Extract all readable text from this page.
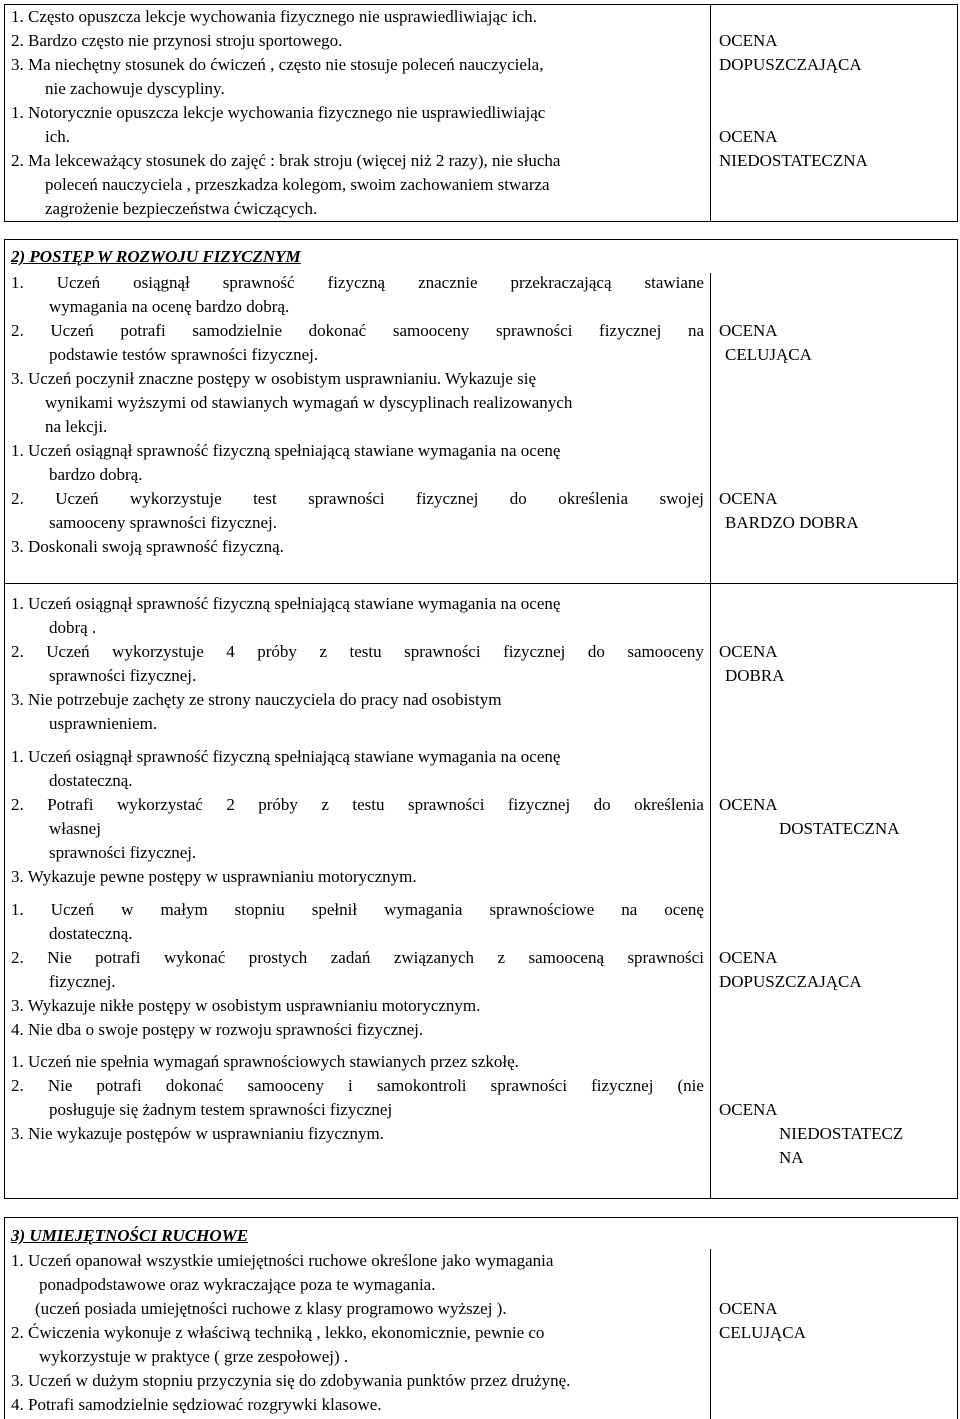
1. Często opuszcza lekcje wychowania fizycznego nie usprawiedliwiając ich.
2. Bardzo często nie przynosi stroju sportowego.
3. Ma niechętny stosunek do ćwiczeń , często nie stosuje poleceń nauczyciela,
nie zachowuje dyscypliny.
1. Notorycznie opuszcza lekcje wychowania fizycznego nie usprawiedliwiając
ich.
2. Ma lekceważący stosunek do zajęć : brak stroju (więcej niż 2 razy), nie słucha
poleceń nauczyciela , przeszkadza kolegom, swoim zachowaniem stwarza
zagrożenie bezpieczeństwa ćwiczących.
OCENA
DOPUSZCZAJĄCA
OCENA
NIEDOSTATECZNA
2) POSTĘP W ROZWOJU FIZYCZNYM
1. Uczeń osiągnął sprawność fizyczną znacznie przekraczającą stawiane
wymagania na ocenę bardzo dobrą.
2. Uczeń potrafi samodzielnie dokonać samooceny sprawności fizycznej na
podstawie testów sprawności fizycznej.
3. Uczeń poczynił znaczne postępy w osobistym usprawnianiu. Wykazuje się
wynikami wyższymi od stawianych wymagań w dyscyplinach realizowanych
na lekcji.
OCENA
CELUJĄCA
1. Uczeń osiągnął sprawność fizyczną spełniającą stawiane wymagania na ocenę
bardzo dobrą.
2. Uczeń wykorzystuje test sprawności fizycznej do określenia swojej
samooceny sprawności fizycznej.
3. Doskonali swoją sprawność fizyczną.
OCENA
BARDZO DOBRA
1. Uczeń osiągnął sprawność fizyczną spełniającą stawiane wymagania na ocenę
dobrą .
2. Uczeń wykorzystuje 4 próby z testu sprawności fizycznej do samooceny
sprawności fizycznej.
3. Nie potrzebuje zachęty ze strony nauczyciela do pracy nad osobistym
usprawnieniem.
OCENA
DOBRA
1. Uczeń osiągnął sprawność fizyczną spełniającą stawiane wymagania na ocenę
dostateczną.
2. Potrafi wykorzystać 2 próby z testu sprawności fizycznej do określenia
własnej
sprawności fizycznej.
3. Wykazuje pewne postępy w usprawnianiu motorycznym.
OCENA
DOSTATECZNA
1. Uczeń w małym stopniu spełnił wymagania sprawnościowe na ocenę
dostateczną.
2. Nie potrafi wykonać prostych zadań związanych z samooceną sprawności
fizycznej.
3. Wykazuje nikłe postępy w osobistym usprawnianiu motorycznym.
4. Nie dba o swoje postępy w rozwoju sprawności fizycznej.
OCENA
DOPUSZCZAJĄCA
1. Uczeń nie spełnia wymagań sprawnościowych stawianych przez szkołę.
2. Nie potrafi dokonać samooceny i samokontroli sprawności fizycznej (nie
posługuje się żadnym testem sprawności fizycznej
3. Nie wykazuje postępów w usprawnianiu fizycznym.
OCENA
NIEDOSTATECZ
NA
3) UMIEJĘTNOŚCI RUCHOWE
1. Uczeń opanował wszystkie umiejętności ruchowe określone jako wymagania
ponadpodstawowe oraz wykraczające poza te wymagania.
(uczeń posiada umiejętności ruchowe z klasy programowo wyższej ).
2. Ćwiczenia wykonuje z właściwą techniką , lekko, ekonomicznie, pewnie co
wykorzystuje w praktyce ( grze zespołowej) .
3. Uczeń w dużym stopniu przyczynia się do zdobywania punktów przez drużynę.
4. Potrafi samodzielnie sędziować rozgrywki klasowe.
OCENA
CELUJĄCA
